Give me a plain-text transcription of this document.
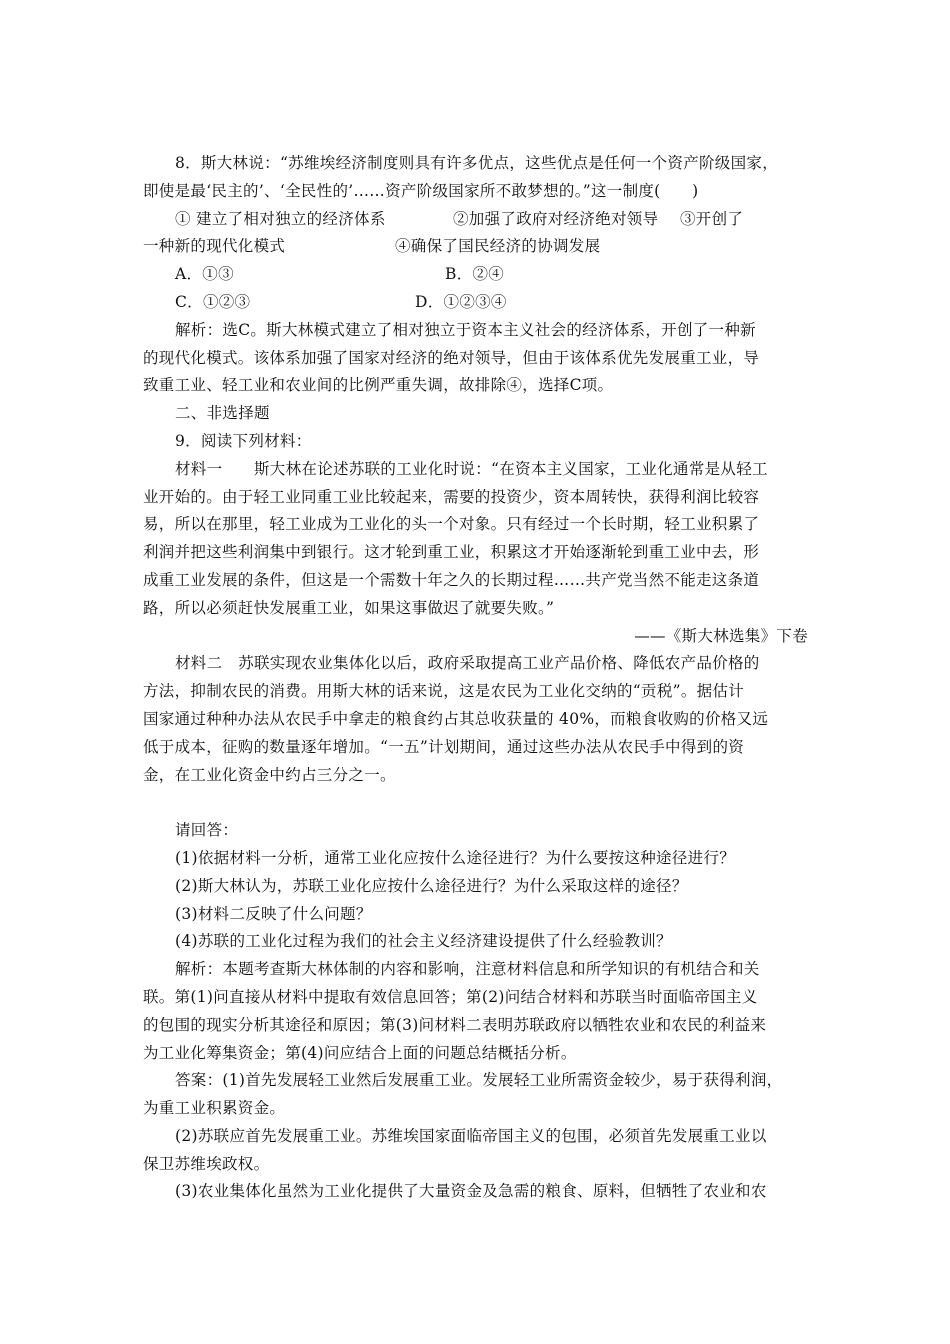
8．斯大林说：“苏维埃经济制度则具有许多优点，这些优点是任何一个资产阶级国家，
即使是最‘民主的’、‘全民性的’……资产阶级国家所不敢梦想的。”这一制度(　　)
① 建立了相对独立的经济体系	②加强了政府对经济绝对领导	③开创了
一种新的现代化模式	④确保了国民经济的协调发展
A．①③	B．②④
C．①②③	D．①②③④
解析：选C。斯大林模式建立了相对独立于资本主义社会的经济体系，开创了一种新
的现代化模式。该体系加强了国家对经济的绝对领导，但由于该体系优先发展重工业，导
致重工业、轻工业和农业间的比例严重失调，故排除④，选择C项。
二、非选择题
9．阅读下列材料：
材料一　　斯大林在论述苏联的工业化时说：“在资本主义国家，工业化通常是从轻工
业开始的。由于轻工业同重工业比较起来，需要的投资少，资本周转快，获得利润比较容
易，所以在那里，轻工业成为工业化的头一个对象。只有经过一个长时期，轻工业积累了
利润并把这些利润集中到银行。这才轮到重工业，积累这才开始逐渐轮到重工业中去，形
成重工业发展的条件，但这是一个需数十年之久的长期过程……共产党当然不能走这条道
路，所以必须赶快发展重工业，如果这事做迟了就要失败。”
——《斯大林选集》下卷
材料二　苏联实现农业集体化以后，政府采取提高工业产品价格、降低农产品价格的
方法，抑制农民的消费。用斯大林的话来说，这是农民为工业化交纳的“贡税”。据估计
国家通过种种办法从农民手中拿走的粮食约占其总收获量的 40%，而粮食收购的价格又远
低于成本，征购的数量逐年增加。“一五”计划期间，通过这些办法从农民手中得到的资
金，在工业化资金中约占三分之一。
请回答：
(1)依据材料一分析，通常工业化应按什么途径进行？为什么要按这种途径进行？
(2)斯大林认为，苏联工业化应按什么途径进行？为什么采取这样的途径？
(3)材料二反映了什么问题？
(4)苏联的工业化过程为我们的社会主义经济建设提供了什么经验教训？
解析：本题考查斯大林体制的内容和影响，注意材料信息和所学知识的有机结合和关
联。第(1)问直接从材料中提取有效信息回答；第(2)问结合材料和苏联当时面临帝国主义
的包围的现实分析其途径和原因；第(3)问材料二表明苏联政府以牺牲农业和农民的利益来
为工业化筹集资金；第(4)问应结合上面的问题总结概括分析。
答案：(1)首先发展轻工业然后发展重工业。发展轻工业所需资金较少，易于获得利润，
为重工业积累资金。
(2)苏联应首先发展重工业。苏维埃国家面临帝国主义的包围，必须首先发展重工业以
保卫苏维埃政权。
(3)农业集体化虽然为工业化提供了大量资金及急需的粮食、原料，但牺牲了农业和农
